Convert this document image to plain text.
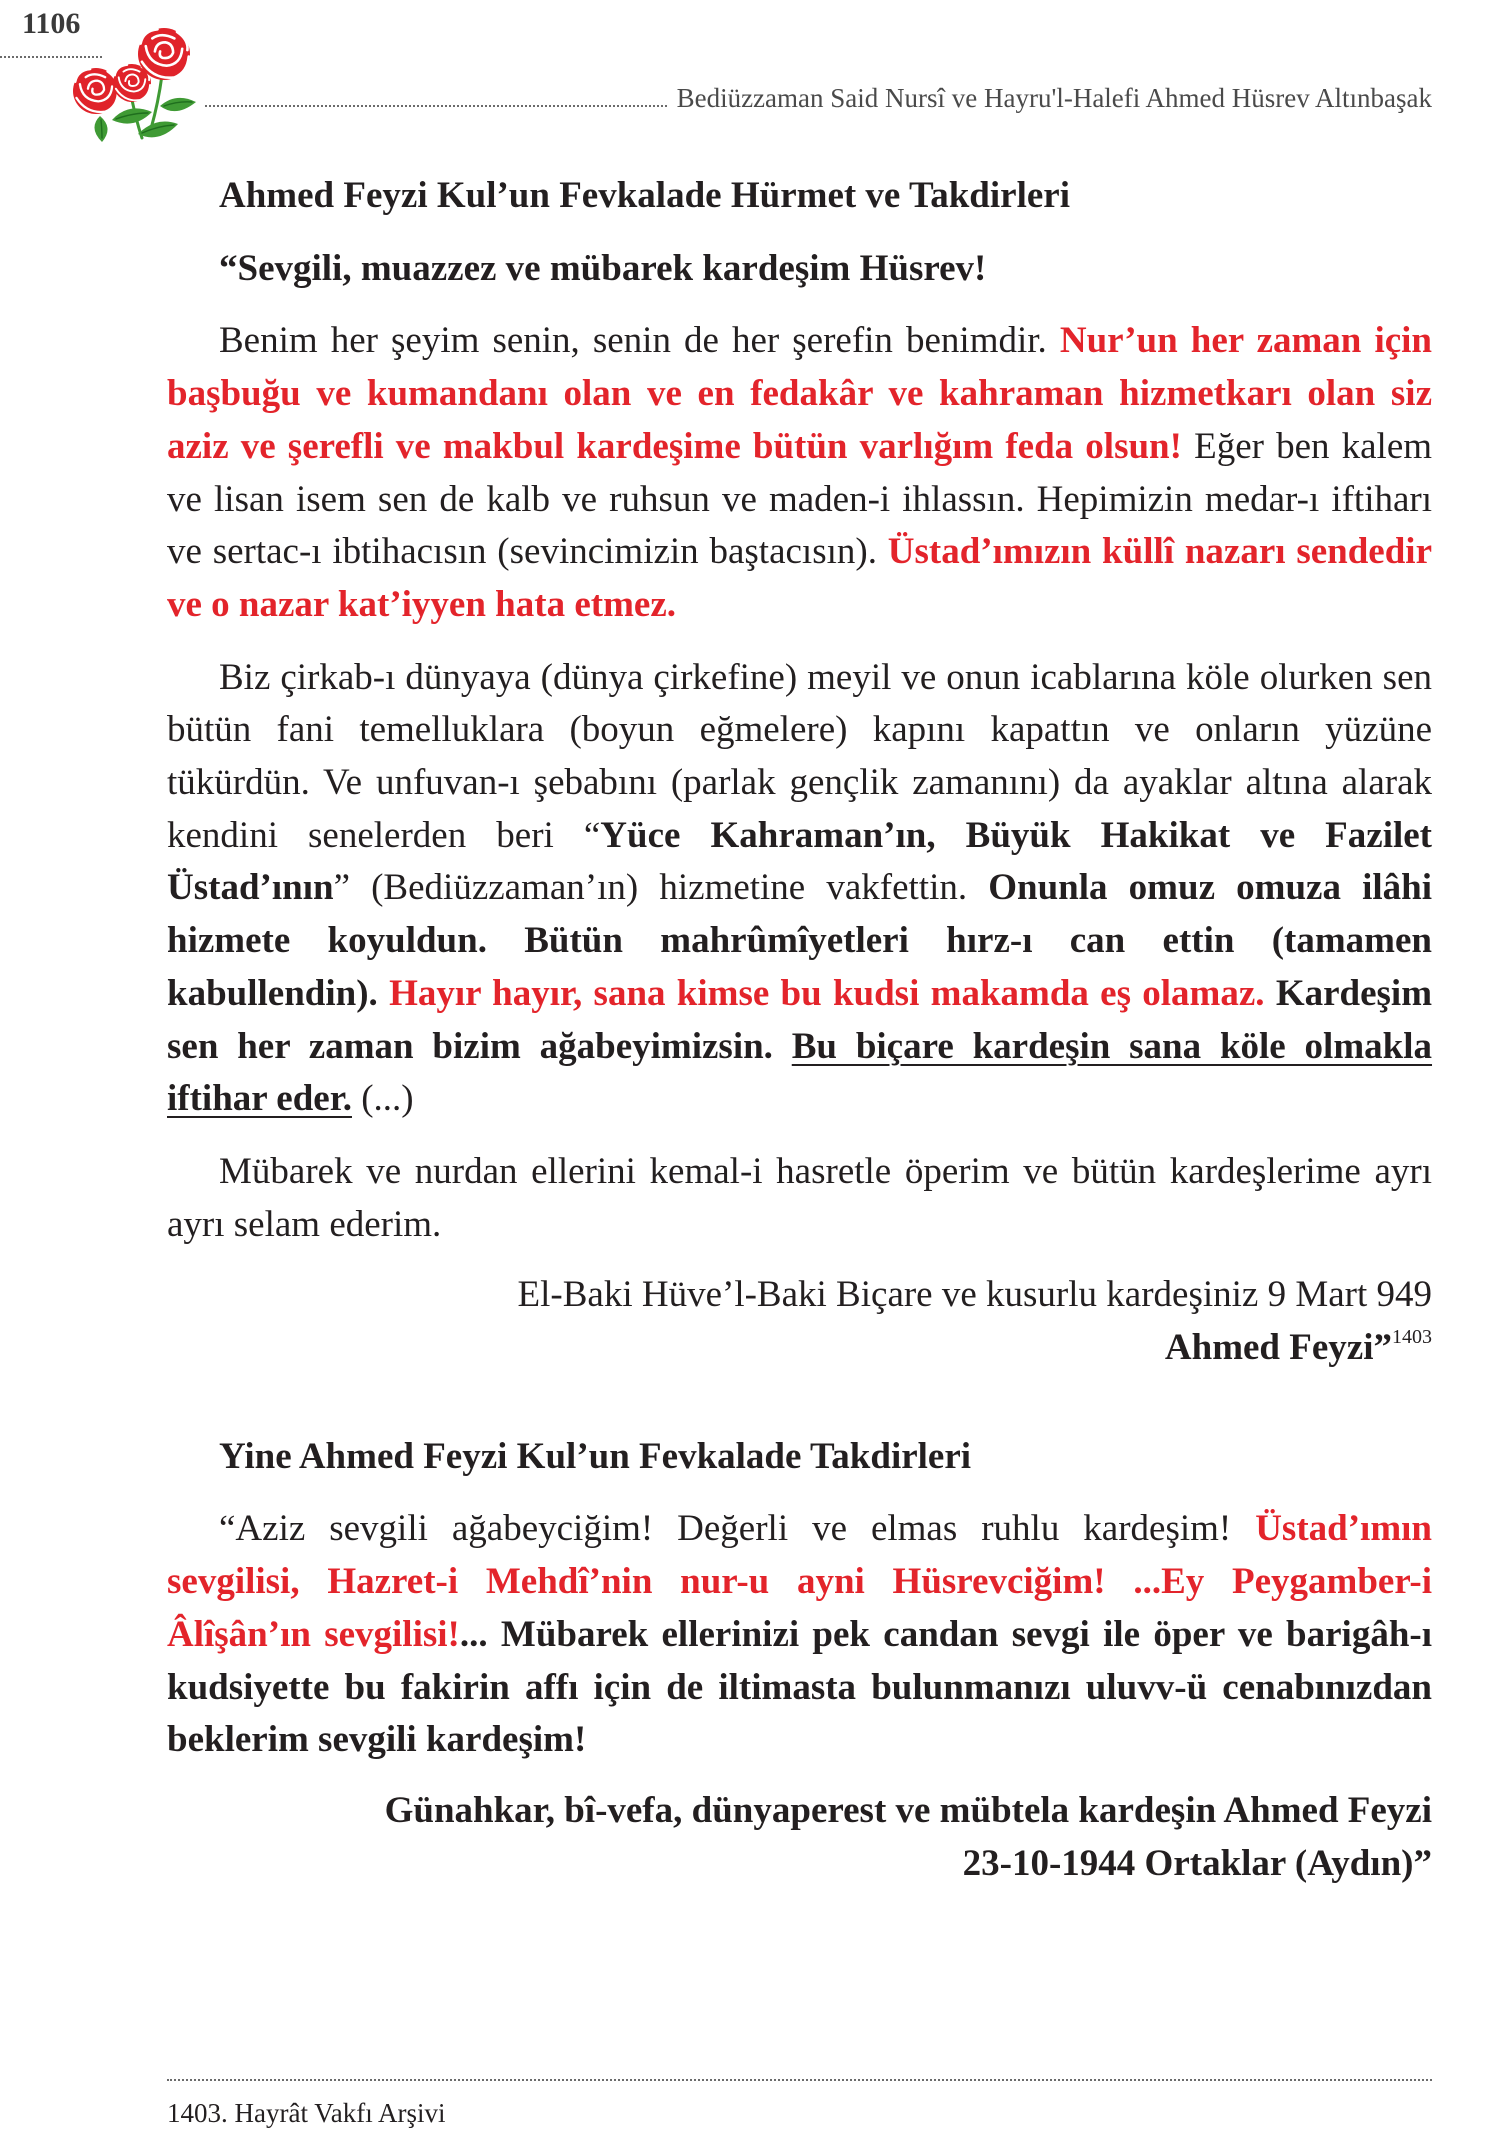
1106
Bediüzzaman Said Nursî ve Hayru'l-Halefi Ahmed Hüsrev Altınbaşak
Ahmed Feyzi Kul’un Fevkalade Hürmet ve Takdirleri

“Sevgili, muazzez ve mübarek kardeşim Hüsrev!

Benim her şeyim senin, senin de her şerefin benimdir. Nur’un her zaman için başbuğu ve kumandanı olan ve en fedakâr ve kahraman hizmetkarı olan siz aziz ve şerefli ve makbul kardeşime bütün varlığım feda olsun! Eğer ben kalem ve lisan isem sen de kalb ve ruhsun ve maden-i ihlassın. Hepimizin medar-ı iftiharı ve sertac-ı ibtihacısın (sevincimizin baştacısın). Üstad’ımızın küllî nazarı sendedir ve o nazar kat’iyyen hata etmez.

Biz çirkab-ı dünyaya (dünya çirkefine) meyil ve onun icablarına köle olurken sen bütün fani temelluklara (boyun eğmelere) kapını kapattın ve onların yüzüne tükürdün. Ve unfuvan-ı şebabını (parlak gençlik zamanını) da ayaklar altına alarak kendini senelerden beri “Yüce Kahraman’ın, Büyük Hakikat ve Fazilet Üstad’ının” (Bediüzzaman’ın) hizmetine vakfettin. Onunla omuz omuza ilâhi hizmete koyuldun. Bütün mahrûmîyetleri hırz-ı can ettin (tamamen kabullendin). Hayır hayır, sana kimse bu kudsi makamda eş olamaz. Kardeşim sen her zaman bizim ağabeyimizsin. Bu biçare kardeşin sana köle olmakla iftihar eder. (...)

Mübarek ve nurdan ellerini kemal-i hasretle öperim ve bütün kardeşlerime ayrı ayrı selam ederim.

El-Baki Hüve’l-Baki Biçare ve kusurlu kardeşiniz 9 Mart 949
Ahmed Feyzi”$^{1403}$

Yine Ahmed Feyzi Kul’un Fevkalade Takdirleri

“Aziz sevgili ağabeyciğim! Değerli ve elmas ruhlu kardeşim! Üstad’ımın sevgilisi, Hazret-i Mehdî’nin nur-u ayni Hüsrevciğim! ...Ey Peygamber-i Âlîşân’ın sevgilisi!... Mübarek ellerinizi pek candan sevgi ile öper ve barigâh-ı kudsiyette bu fakirin affı için de iltimasta bulunmanızı uluvv-ü cenabınızdan beklerim sevgili kardeşim!

Günahkar, bî-vefa, dünyaperest ve mübtela kardeşin Ahmed Feyzi
23-10-1944 Ortaklar (Aydın)”

1403. Hayrât Vakfı Arşivi
